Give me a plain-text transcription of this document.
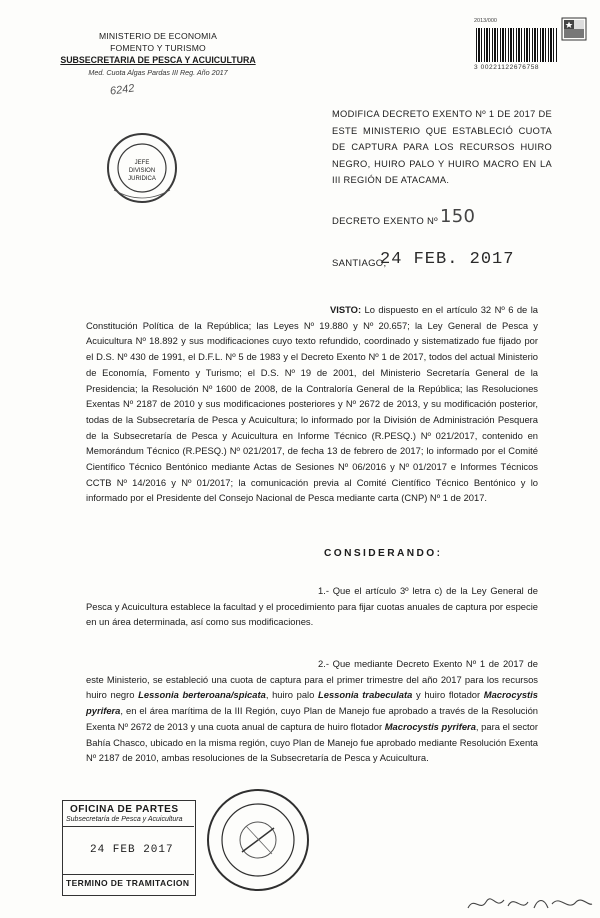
MINISTERIO DE ECONOMIA
FOMENTO Y TURISMO
SUBSECRETARIA DE PESCA Y ACUICULTURA
Med. Cuota Algas Pardas III Reg. Año 2017
2013/000
3 00221122676758
6242
JEFE
DIVISION
JURIDICA
MODIFICA DECRETO EXENTO Nº 1 DE 2017 DE ESTE MINISTERIO QUE ESTABLECIÓ CUOTA DE CAPTURA PARA LOS RECURSOS HUIRO NEGRO, HUIRO PALO Y HUIRO MACRO EN LA III REGIÓN DE ATACAMA.
DECRETO EXENTO Nº 150
SANTIAGO,
24 FEB. 2017
VISTO: Lo dispuesto en el artículo 32 Nº 6 de la Constitución Política de la República; las Leyes Nº 19.880 y Nº 20.657; la Ley General de Pesca y Acuicultura Nº 18.892 y sus modificaciones cuyo texto refundido, coordinado y sistematizado fue fijado por el D.S. Nº 430 de 1991, el D.F.L. Nº 5 de 1983 y el Decreto Exento Nº 1 de 2017, todos del actual Ministerio de Economía, Fomento y Turismo; el D.S. Nº 19 de 2001, del Ministerio Secretaría General de la Presidencia; la Resolución Nº 1600 de 2008, de la Contraloría General de la República; las Resoluciones Exentas Nº 2187 de 2010 y sus modificaciones posteriores y Nº 2672 de 2013, y su modificación posterior, todas de la Subsecretaría de Pesca y Acuicultura; lo informado por la División de Administración Pesquera de la Subsecretaría de Pesca y Acuicultura en Informe Técnico (R.PESQ.) Nº 021/2017, contenido en Memorándum Técnico (R.PESQ.) Nº 021/2017, de fecha 13 de febrero de 2017; lo informado por el Comité Científico Técnico Bentónico mediante Actas de Sesiones Nº 06/2016 y Nº 01/2017 e Informes Técnicos CCTB Nº 14/2016 y Nº 01/2017; la comunicación previa al Comité Científico Técnico Bentónico y lo informado por el Presidente del Consejo Nacional de Pesca mediante carta (CNP) Nº 1 de 2017.
CONSIDERANDO:
1.- Que el artículo 3º letra c) de la Ley General de Pesca y Acuicultura establece la facultad y el procedimiento para fijar cuotas anuales de captura por especie en un área determinada, así como sus modificaciones.
2.- Que mediante Decreto Exento Nº 1 de 2017 de este Ministerio, se estableció una cuota de captura para el primer trimestre del año 2017 para los recursos huiro negro Lessonia berteroana/spicata, huiro palo Lessonia trabeculata y huiro flotador Macrocystis pyrifera, en el área marítima de la III Región, cuyo Plan de Manejo fue aprobado a través de la Resolución Exenta Nº 2672 de 2013 y una cuota anual de captura de huiro flotador Macrocystis pyrifera, para el sector Bahía Chasco, ubicado en la misma región, cuyo Plan de Manejo fue aprobado mediante Resolución Exenta Nº 2187 de 2010, ambas resoluciones de la Subsecretaría de Pesca y Acuicultura.
OFICINA DE PARTES
Subsecretaría de Pesca y Acuicultura
24 FEB 2017
TERMINO DE TRAMITACION
